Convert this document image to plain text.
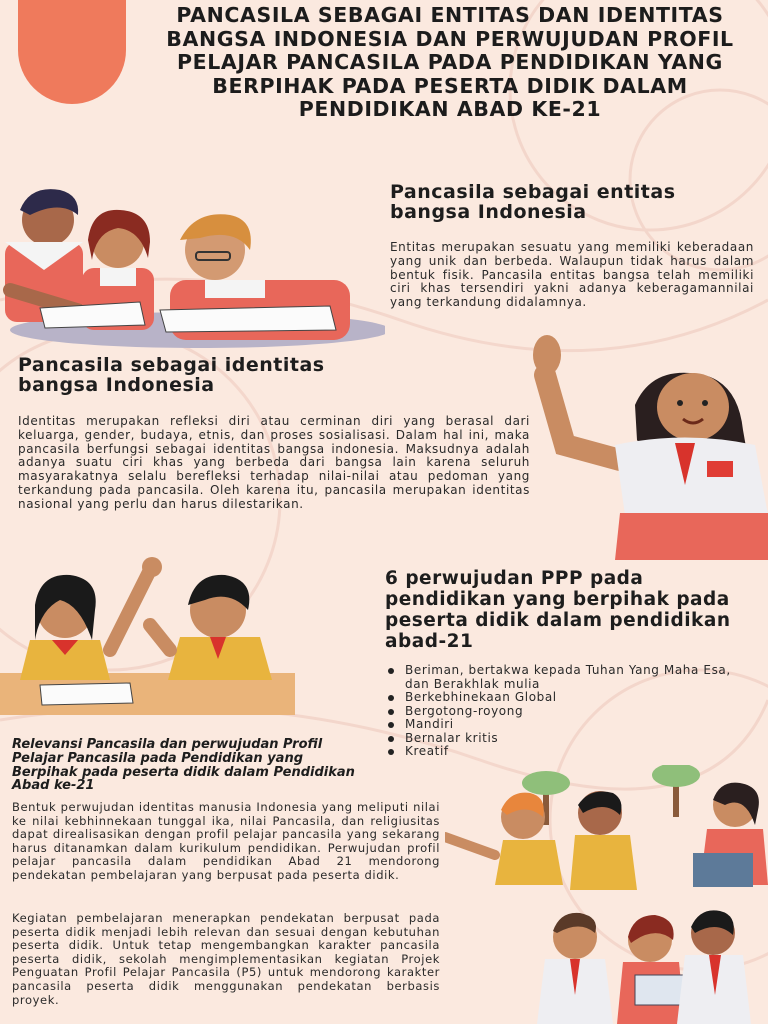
PANCASILA SEBAGAI ENTITAS DAN IDENTITAS BANGSA INDONESIA DAN PERWUJUDAN PROFIL PELAJAR PANCASILA PADA PENDIDIKAN YANG BERPIHAK PADA PESERTA DIDIK DALAM PENDIDIKAN ABAD KE-21
Pancasila sebagai entitas bangsa Indonesia

Entitas merupakan sesuatu yang memiliki keberadaan yang unik dan berbeda. Walaupun tidak harus dalam bentuk fisik. Pancasila entitas bangsa telah memiliki ciri khas tersendiri yakni adanya keberagamannilai yang terkandung didalamnya.

Pancasila sebagai identitas bangsa Indonesia

Identitas merupakan refleksi diri atau cerminan diri yang berasal dari keluarga, gender, budaya, etnis, dan proses sosialisasi. Dalam hal ini, maka pancasila berfungsi sebagai identitas bangsa indonesia. Maksudnya adalah adanya suatu ciri khas yang berbeda dari bangsa lain karena seluruh masyarakatnya selalu berefleksi terhadap nilai-nilai atau pedoman yang terkandung pada pancasila. Oleh karena itu, pancasila merupakan identitas nasional yang perlu dan harus dilestarikan.

6 perwujudan PPP pada pendidikan yang berpihak pada peserta didik dalam pendidikan abad-21
Beriman, bertakwa kepada Tuhan Yang Maha Esa, dan Berakhlak mulia
Berkebhinekaan Global
Bergotong-royong
Mandiri
Bernalar kritis
Kreatif
Relevansi Pancasila dan perwujudan Profil Pelajar Pancasila pada Pendidikan yang Berpihak pada peserta didik dalam Pendidikan Abad ke-21

Bentuk perwujudan identitas manusia Indonesia yang meliputi nilai ke nilai kebhinnekaan tunggal ika, nilai Pancasila, dan religiusitas dapat direalisasikan dengan profil pelajar pancasila yang sekarang harus ditanamkan dalam kurikulum pendidikan. Perwujudan profil pelajar pancasila dalam pendidikan Abad 21 mendorong pendekatan pembelajaran yang berpusat pada peserta didik.

Kegiatan pembelajaran menerapkan pendekatan berpusat pada peserta didik menjadi lebih relevan dan sesuai dengan kebutuhan peserta didik. Untuk tetap mengembangkan karakter pancasila peserta didik, sekolah mengimplementasikan kegiatan Projek Penguatan Profil Pelajar Pancasila (P5) untuk mendorong karakter pancasila peserta didik menggunakan pendekatan berbasis proyek.
